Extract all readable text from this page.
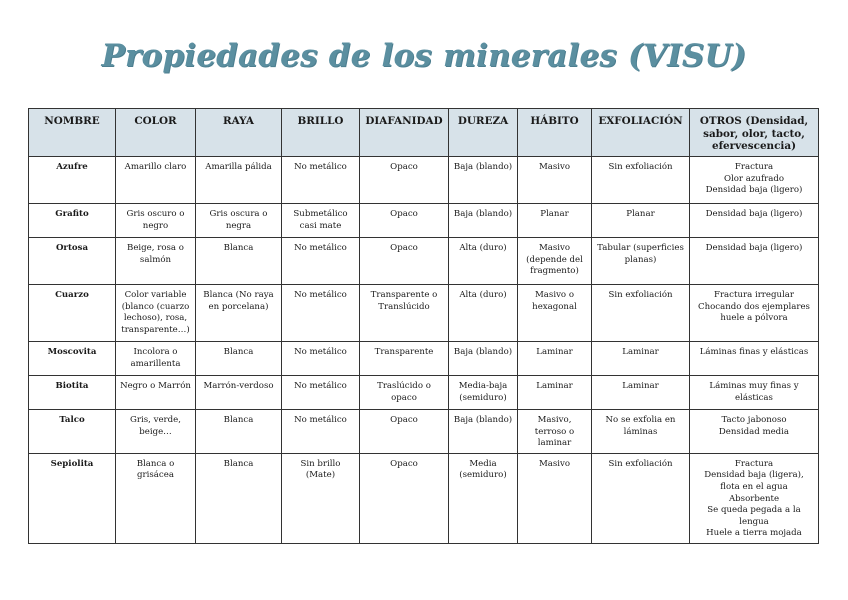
Propiedades de los minerales (VISU)
NOMBRE	COLOR	RAYA	BRILLO	DIAFANIDAD	DUREZA	HÁBITO	EXFOLIACIÓN	OTROS (Densidad, sabor, olor, tacto, efervescencia)
Azufre	Amarillo claro	Amarilla pálida	No metálico	Opaco	Baja (blando)	Masivo	Sin exfoliación	Fractura
Olor azufrado
Densidad baja (ligero)

Grafito	Gris oscuro o negro	Gris oscura o negra	Submetálico casi mate	Opaco	Baja (blando)	Planar	Planar	Densidad baja (ligero)

Ortosa	Beige, rosa o salmón	Blanca	No metálico	Opaco	Alta (duro)	Masivo (depende del fragmento)	Tabular (superficies planas)	Densidad baja (ligero)

Cuarzo	Color variable (blanco (cuarzo lechoso), rosa, transparente…)	Blanca (No raya en porcelana)	No metálico	Transparente o Translúcido	Alta (duro)	Masivo o hexagonal	Sin exfoliación	Fractura irregular
Chocando dos ejemplares huele a pólvora

Moscovita	Incolora o amarillenta	Blanca	No metálico	Transparente	Baja (blando)	Laminar	Laminar	Láminas finas y elásticas

Biotita	Negro o Marrón	Marrón-verdoso	No metálico	Traslúcido o opaco	Media-baja (semiduro)	Laminar	Laminar	Láminas muy finas y elásticas

Talco	Gris, verde, beige…	Blanca	No metálico	Opaco	Baja (blando)	Masivo, terroso o laminar	No se exfolia en láminas	Tacto jabonoso
Densidad media

Sepiolita	Blanca o grisácea	Blanca	Sin brillo (Mate)	Opaco	Media (semiduro)	Masivo	Sin exfoliación	Fractura
Densidad baja (ligera), flota en el agua
Absorbente
Se queda pegada a la lengua
Huele a tierra mojada
